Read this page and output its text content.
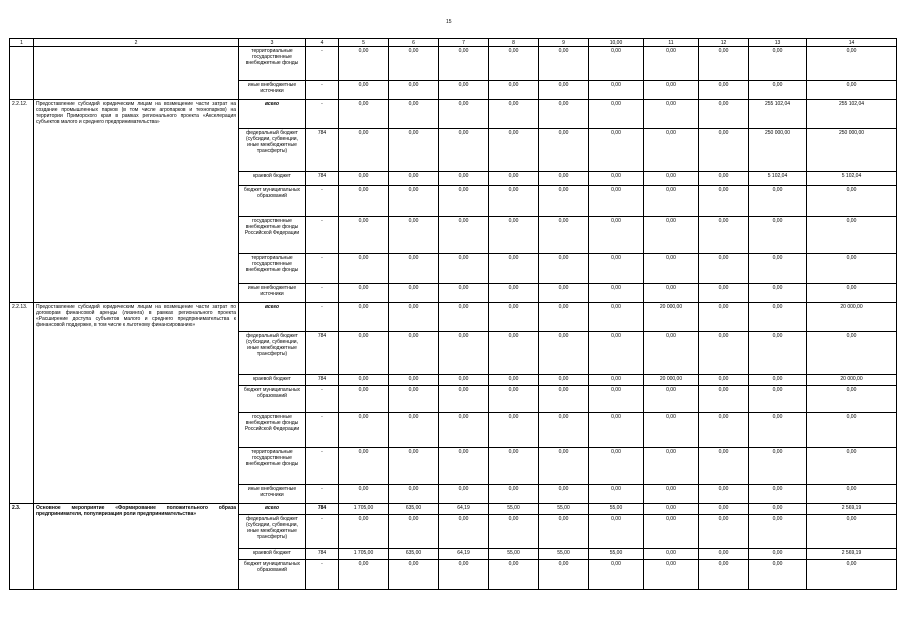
15
1	2	3	4	5	6	7	8	9	10,00	11	12	13	14
		территориальные государственные внебюджетные фонды	-	0,00	0,00	0,00	0,00	0,00	0,00	0,00	0,00	0,00	0,00
		иные внебюджетные источники	-	0,00	0,00	0,00	0,00	0,00	0,00	0,00	0,00	0,00	0,00
2.2.12.	Предоставление субсидий юридическим лицам на возмещение части затрат на создание промышленных парков (в том числе агропарков и технопарков) на территории Приморского края в рамках регионального проекта «Акселерация субъектов малого и среднего предпринимательства»	всего	-	0,00	0,00	0,00	0,00	0,00	0,00	0,00	0,00	255 102,04	255 102,04
		федеральный бюджет (субсидии, субвенции, иные межбюджетные трансферты)	784	0,00	0,00	0,00	0,00	0,00	0,00	0,00	0,00	250 000,00	250 000,00
		краевой бюджет	784	0,00	0,00	0,00	0,00	0,00	0,00	0,00	0,00	5 102,04	5 102,04
		бюджет муниципальных образований	-	0,00	0,00	0,00	0,00	0,00	0,00	0,00	0,00	0,00	0,00
		государственные внебюджетные фонды Российской Федерации	-	0,00	0,00	0,00	0,00	0,00	0,00	0,00	0,00	0,00	0,00
		территориальные государственные внебюджетные фонды	-	0,00	0,00	0,00	0,00	0,00	0,00	0,00	0,00	0,00	0,00
		иные внебюджетные источники	-	0,00	0,00	0,00	0,00	0,00	0,00	0,00	0,00	0,00	0,00
2.2.13.	Предоставление субсидий юридическим лицам на возмещение части затрат по договорам финансовой аренды (лизинга) в рамках регионального проекта «Расширение доступа субъектов малого и среднего предпринимательства к финансовой поддержке, в том числе к льготному финансированию»	всего	-	0,00	0,00	0,00	0,00	0,00	0,00	20 000,00	0,00	0,00	20 000,00
		федеральный бюджет (субсидии, субвенции, иные межбюджетные трансферты)	784	0,00	0,00	0,00	0,00	0,00	0,00	0,00	0,00	0,00	0,00
		краевой бюджет	784	0,00	0,00	0,00	0,00	0,00	0,00	20 000,00	0,00	0,00	20 000,00
		бюджет муниципальных образований	-	0,00	0,00	0,00	0,00	0,00	0,00	0,00	0,00	0,00	0,00
		государственные внебюджетные фонды Российской Федерации	-	0,00	0,00	0,00	0,00	0,00	0,00	0,00	0,00	0,00	0,00
		территориальные государственные внебюджетные фонды	-	0,00	0,00	0,00	0,00	0,00	0,00	0,00	0,00	0,00	0,00
		иные внебюджетные источники	-	0,00	0,00	0,00	0,00	0,00	0,00	0,00	0,00	0,00	0,00
2.3.	Основное мероприятие «Формирование положительного образа предпринимателя, популяризация роли предпринимательства»	всего	784	1 705,00	635,00	64,19	55,00	55,00	55,00	0,00	0,00	0,00	2 569,19
		федеральный бюджет (субсидии, субвенции, иные межбюджетные трансферты)	-	0,00	0,00	0,00	0,00	0,00	0,00	0,00	0,00	0,00	0,00
		краевой бюджет	784	1 705,00	635,00	64,19	55,00	55,00	55,00	0,00	0,00	0,00	2 569,19
		бюджет муниципальных образований	-	0,00	0,00	0,00	0,00	0,00	0,00	0,00	0,00	0,00	0,00
